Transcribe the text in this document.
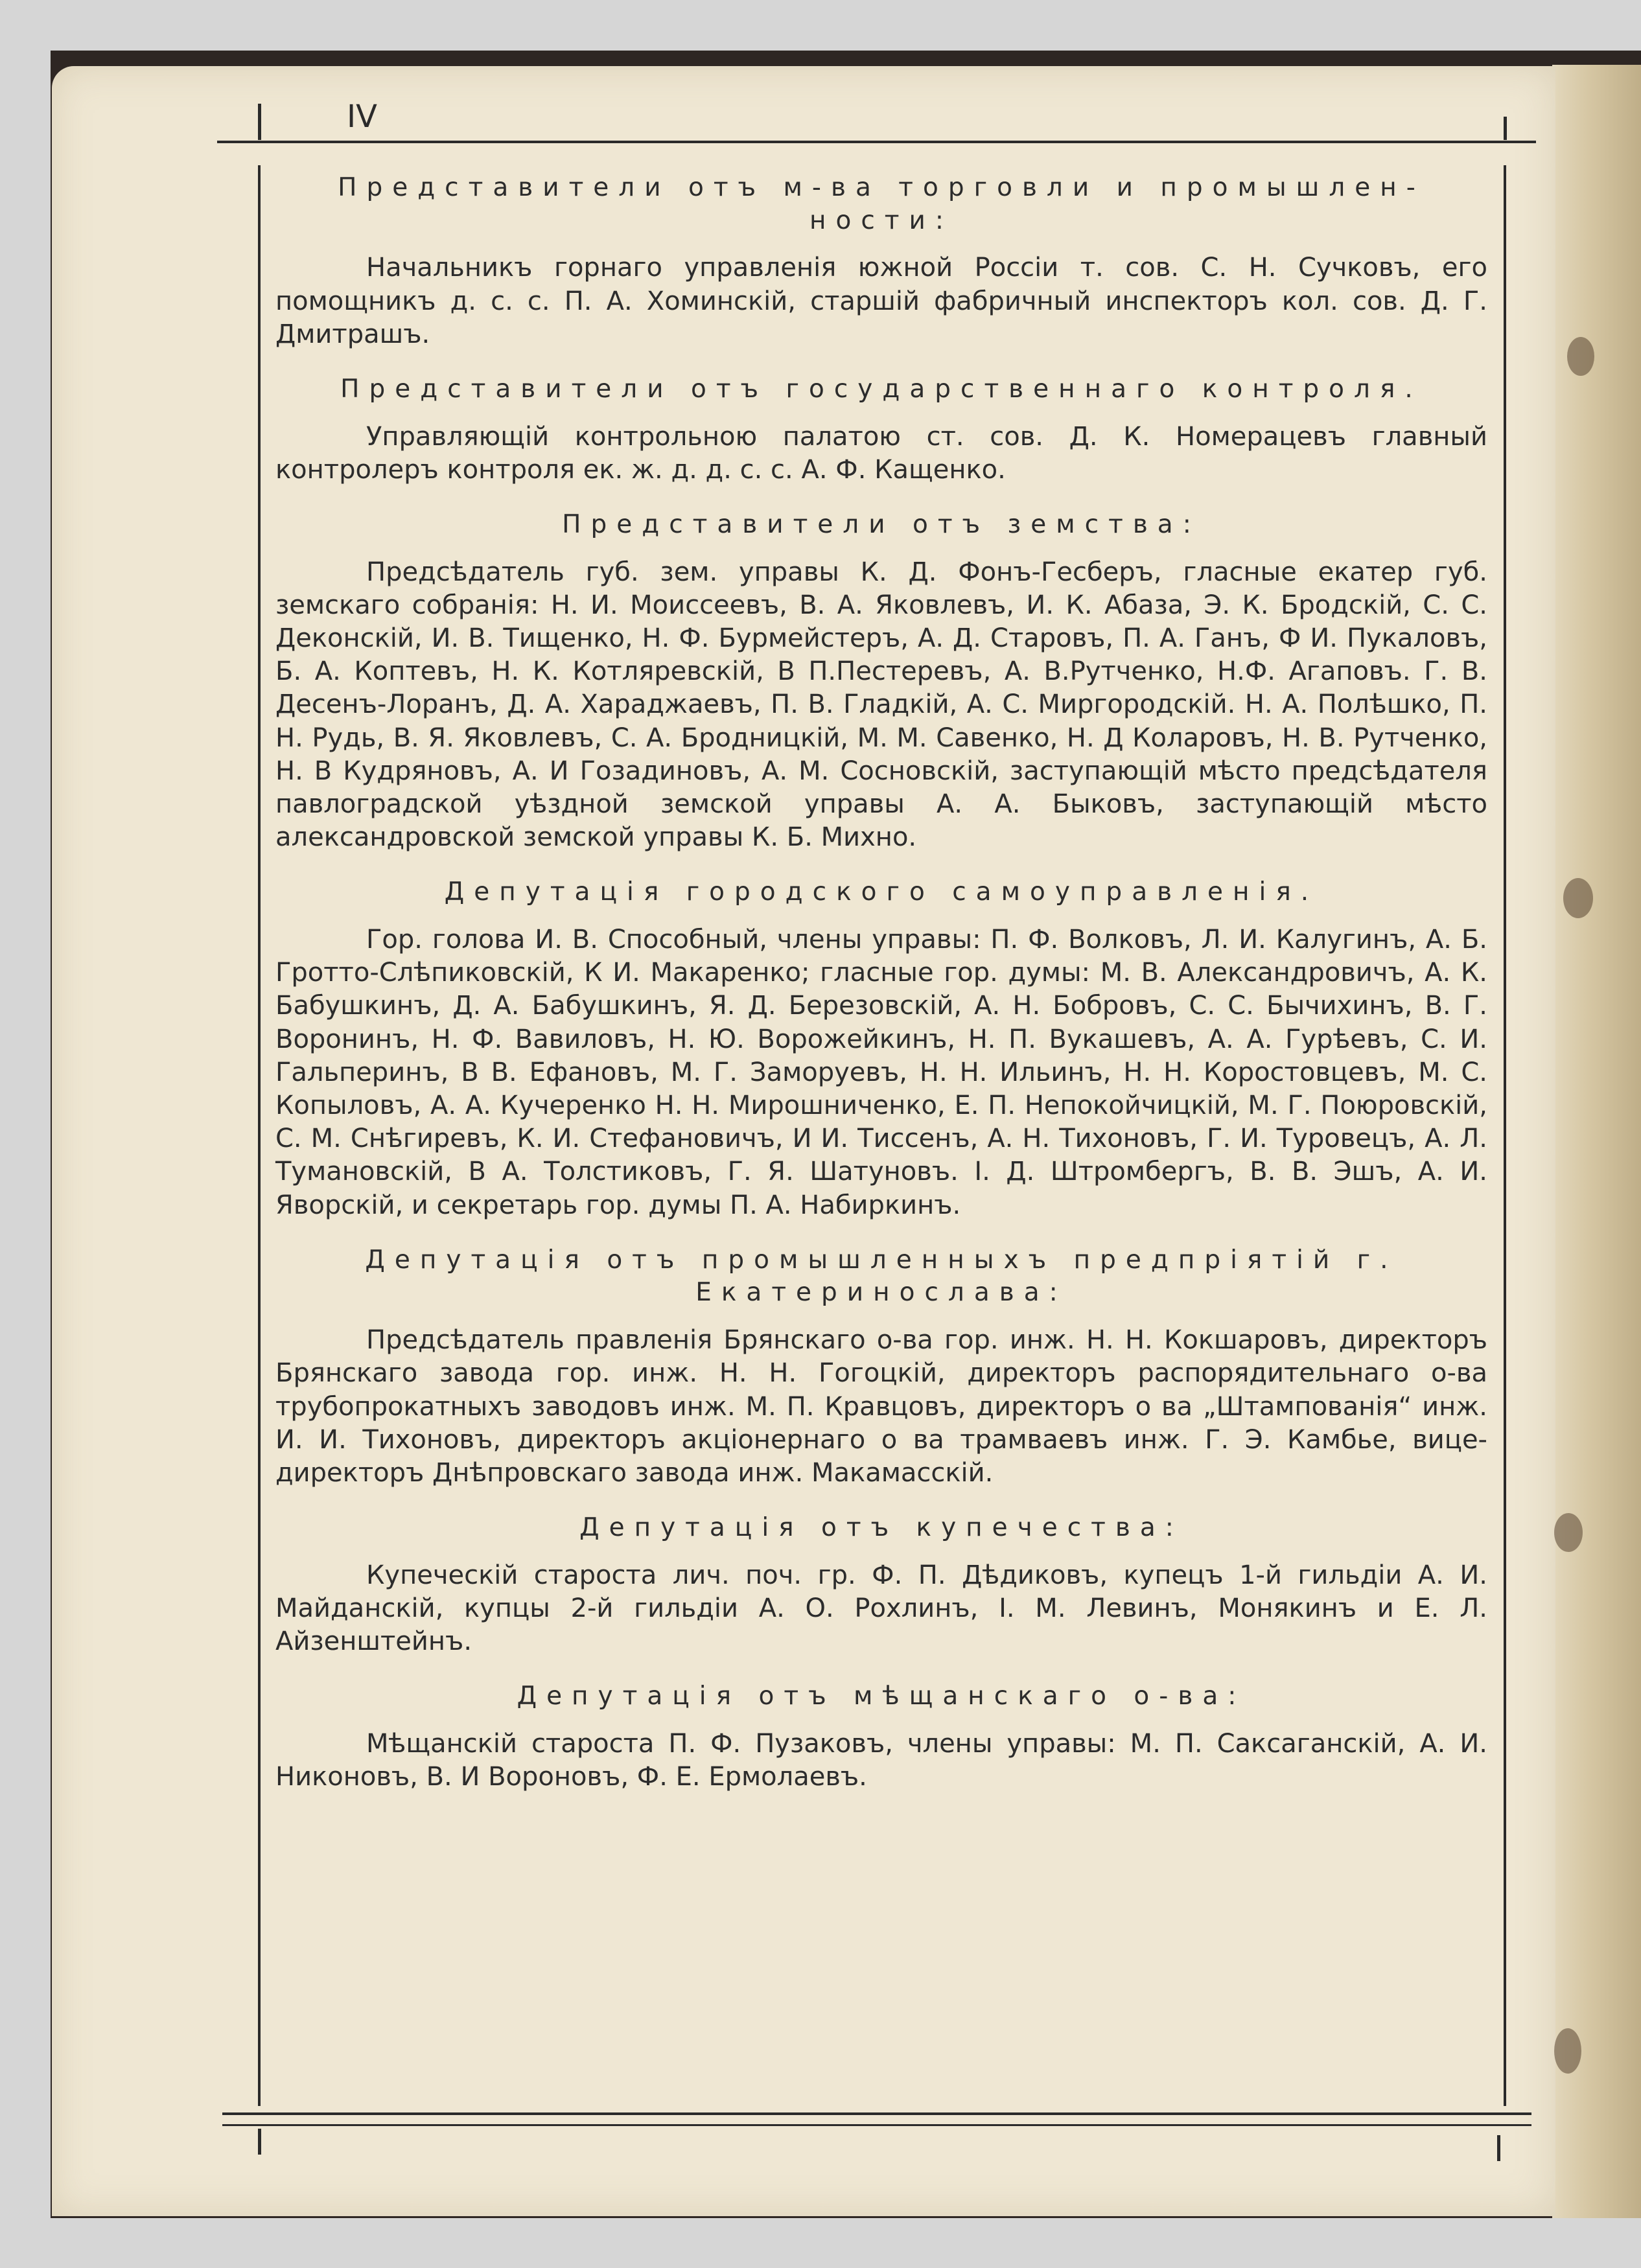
IV
Представители отъ м-ва торговли и промышлен-ности:

Начальникъ горнаго управленія южной Россіи т. сов. С. Н. Сучковъ, его помощникъ д. с. с. П. А. Хоминскій, старшій фабричный инспекторъ кол. сов. Д. Г. Дмитрашъ.

Представители отъ государственнаго контроля.

Управляющій контрольною палатою ст. сов. Д. К. Номерацевъ главный контролеръ контроля ек. ж. д. д. с. с. А. Ф. Кащенко.

Представители отъ земства:

Предсѣдатель губ. зем. управы К. Д. Фонъ-Гесберъ, гласные екатер губ. земскаго собранія: Н. И. Моиссеевъ, В. А. Яковлевъ, И. К. Абаза, Э. К. Бродскій, С. С. Деконскій, И. В. Тищенко, Н. Ф. Бурмейстеръ, А. Д. Старовъ, П. А. Ганъ, Ф И. Пукаловъ, Б. А. Коптевъ, Н. К. Котляревскій, В П.Пестеревъ, А. В.Рутченко, Н.Ф. Агаповъ. Г. В. Десенъ-Лоранъ, Д. А. Хараджаевъ, П. В. Гладкій, А. С. Миргородскій. Н. А. Полѣшко, П. Н. Рудь, В. Я. Яковлевъ, С. А. Бродницкій, М. М. Савенко, Н. Д Коларовъ, Н. В. Рутченко, Н. В Кудряновъ, А. И Гозадиновъ, А. М. Сосновскій, заступающій мѣсто предсѣдателя павлоградской уѣздной земской управы А. А. Быковъ, заступающій мѣсто александровской земской управы К. Б. Михно.

Депутація городского самоуправленія.

Гор. голова И. В. Способный, члены управы: П. Ф. Волковъ, Л. И. Калугинъ, А. Б. Гротто-Слѣпиковскій, К И. Макаренко; гласные гор. думы: М. В. Александровичъ, А. К. Бабушкинъ, Д. А. Бабушкинъ, Я. Д. Березовскій, А. Н. Бобровъ, С. С. Бычихинъ, В. Г. Воронинъ, Н. Ф. Вавиловъ, Н. Ю. Ворожейкинъ, Н. П. Вукашевъ, А. А. Гурѣевъ, С. И. Гальперинъ, В В. Ефановъ, М. Г. Заморуевъ, Н. Н. Ильинъ, Н. Н. Коростовцевъ, М. С. Копыловъ, А. А. Кучеренко Н. Н. Мирошниченко, Е. П. Непокойчицкій, М. Г. Поюровскій, С. М. Снѣгиревъ, К. И. Стефановичъ, И И. Тиссенъ, А. Н. Тихоновъ, Г. И. Туровецъ, А. Л. Тумановскій, В А. Толстиковъ, Г. Я. Шатуновъ. І. Д. Штромбергъ, В. В. Эшъ, А. И. Яворскій, и секретарь гор. думы П. А. Набиркинъ.

Депутація отъ промышленныхъ предпріятій г. Екатеринослава:

Предсѣдатель правленія Брянскаго о-ва гор. инж. Н. Н. Кокшаровъ, директоръ Брянскаго завода гор. инж. Н. Н. Гогоцкій, директоръ распорядительнаго о-ва трубопрокатныхъ заводовъ инж. М. П. Кравцовъ, директоръ о ва „Штампованія“ инж. И. И. Тихоновъ, директоръ акціонернаго о ва трамваевъ инж. Г. Э. Камбье, вице-директоръ Днѣпровскаго завода инж. Макамасскій.

Депутація отъ купечества:

Купеческій староста лич. поч. гр. Ф. П. Дѣдиковъ, купецъ 1-й гильдіи А. И. Майданскій, купцы 2-й гильдіи А. О. Рохлинъ, І. М. Левинъ, Монякинъ и Е. Л. Айзенштейнъ.

Депутація отъ мѣщанскаго о-ва:

Мѣщанскій староста П. Ф. Пузаковъ, члены управы: М. П. Саксаганскій, А. И. Никоновъ, В. И Вороновъ, Ф. Е. Ермолаевъ.
